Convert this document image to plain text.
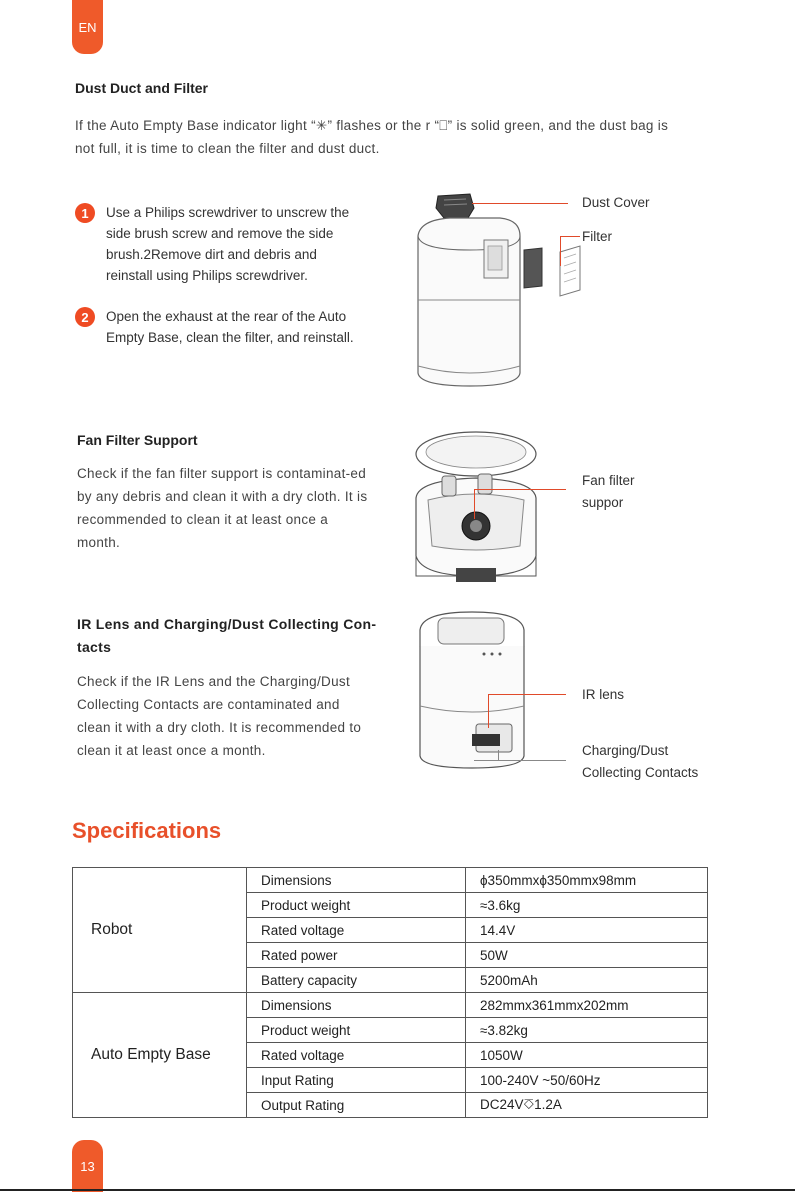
EN
Dust Duct and Filter
If the Auto Empty Base indicator light “✳” flashes or the r “⎕” is solid green, and the dust bag is
not full, it is time to clean the filter and dust duct.
1	Use a Philips screwdriver to unscrew the side brush screw and remove the side brush.2Remove dirt and debris and reinstall using Philips screwdriver.
2	Open the exhaust at the rear of the Auto Empty Base, clean the filter, and reinstall.
Dust Cover
Filter
Fan Filter Support
Check if the fan filter support is contaminat-ed by any debris and clean it with a dry cloth. It is recommended to clean it at least once a month.
Fan filter
suppor
IR Lens and Charging/Dust Collecting Con-
tacts
Check if the IR Lens and the Charging/Dust Collecting Contacts are contaminated and clean it with a dry cloth. It is recommended to clean it at least once a month.
IR lens
Charging/Dust
Collecting Contacts
Specifications
Robot	Dimensions	ϕ350mmxϕ350mmx98mm
	Product weight	≈3.6kg
	Rated voltage	14.4V
	Rated power	50W
	Battery capacity	5200mAh
Auto Empty Base	Dimensions	282mmx361mmx202mm
	Product weight	≈3.82kg
	Rated voltage	1050W
	Input Rating	100-240V ~50/60Hz
	Output Rating	DC24V⎏1.2A
13
